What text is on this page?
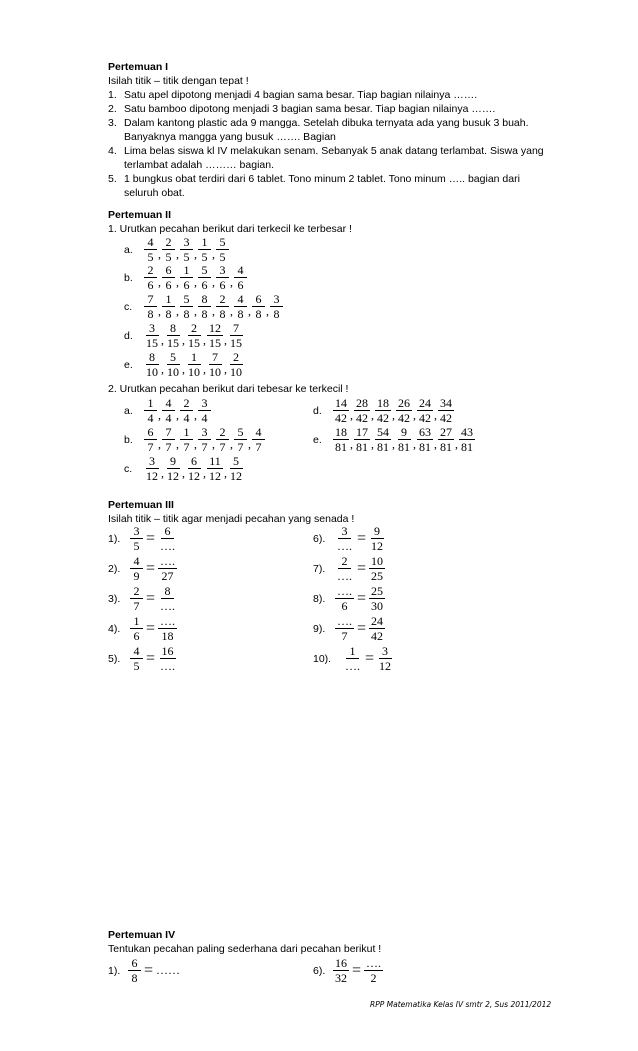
Pertemuan I
Isilah titik – titik dengan tepat !
1. Satu apel dipotong menjadi 4 bagian sama besar. Tiap bagian nilainya …….
2. Satu bamboo dipotong menjadi 3 bagian sama besar. Tiap bagian nilainya …….
3. Dalam kantong plastic ada 9 mangga. Setelah dibuka ternyata ada yang busuk 3 buah.
Banyaknya mangga yang busuk ……. Bagian
4. Lima belas siswa kl IV melakukan senam. Sebanyak 5 anak datang terlambat. Siswa yang
terlambat adalah ……… bagian.
5. 1 bungkus obat terdiri dari 6 tablet. Tono minum 2 tablet. Tono minum ….. bagian dari
seluruh obat.
Pertemuan II
1. Urutkan pecahan berikut dari terkecil ke terbesar !
2. Urutkan pecahan berikut dari tebesar ke terkecil !
a. $\frac{4}{5}$ , $\frac{2}{5}$ , $\frac{3}{5}$ , $\frac{1}{5}$ , $\frac{5}{5}$
b. $\frac{2}{6}$ , $\frac{6}{6}$ , $\frac{1}{6}$ , $\frac{5}{6}$ , $\frac{3}{6}$ , $\frac{4}{6}$
c. $\frac{7}{8}$ , $\frac{1}{8}$ , $\frac{5}{8}$ , $\frac{8}{8}$ , $\frac{2}{8}$ , $\frac{4}{8}$ , $\frac{6}{8}$ , $\frac{3}{8}$
d. $\frac{3}{15}$ , $\frac{8}{15}$ , $\frac{2}{15}$ , $\frac{12}{15}$ , $\frac{7}{15}$
e. $\frac{8}{10}$ , $\frac{5}{10}$ , $\frac{1}{10}$ , $\frac{7}{10}$ , $\frac{2}{10}$
a. $\frac{1}{4}$ , $\frac{4}{4}$ , $\frac{2}{4}$ , $\frac{3}{4}$
b. $\frac{6}{7}$ , $\frac{7}{7}$ , $\frac{1}{7}$ , $\frac{3}{7}$ , $\frac{2}{7}$ , $\frac{5}{7}$ , $\frac{4}{7}$
c. $\frac{3}{12}$ , $\frac{9}{12}$ , $\frac{6}{12}$ , $\frac{11}{12}$ , $\frac{5}{12}$
d. $\frac{14}{42}$ , $\frac{28}{42}$ , $\frac{18}{42}$ , $\frac{26}{42}$ , $\frac{24}{42}$ , $\frac{34}{42}$
e. $\frac{18}{81}$ , $\frac{17}{81}$ , $\frac{54}{81}$ , $\frac{9}{81}$ , $\frac{63}{81}$ , $\frac{27}{81}$ , $\frac{43}{81}$
Pertemuan III
Isilah titik – titik agar menjadi pecahan yang senada !
1). $\frac{3}{5} = \frac{6}{\dots.}$
2). $\frac{4}{9} = \frac{\dots.}{27}$
3). $\frac{2}{7} = \frac{8}{\dots.}$
4). $\frac{1}{6} = \frac{\dots.}{18}$
5). $\frac{4}{5} = \frac{16}{\dots.}$
6). $\frac{3}{\dots.} = \frac{9}{12}$
7). $\frac{2}{\dots.} = \frac{10}{25}$
8). $\frac{\dots.}{6} = \frac{25}{30}$
9). $\frac{\dots.}{7} = \frac{24}{42}$
10). $\frac{1}{\dots.} = \frac{3}{12}$
Pertemuan IV
Tentukan pecahan paling sederhana dari pecahan berikut !
1). $\frac{6}{8}$ = ……	6). $\frac{16}{32} = \frac{\dots.}{2}$
RPP Matematika Kelas IV smtr 2, Sus 2011/2012
